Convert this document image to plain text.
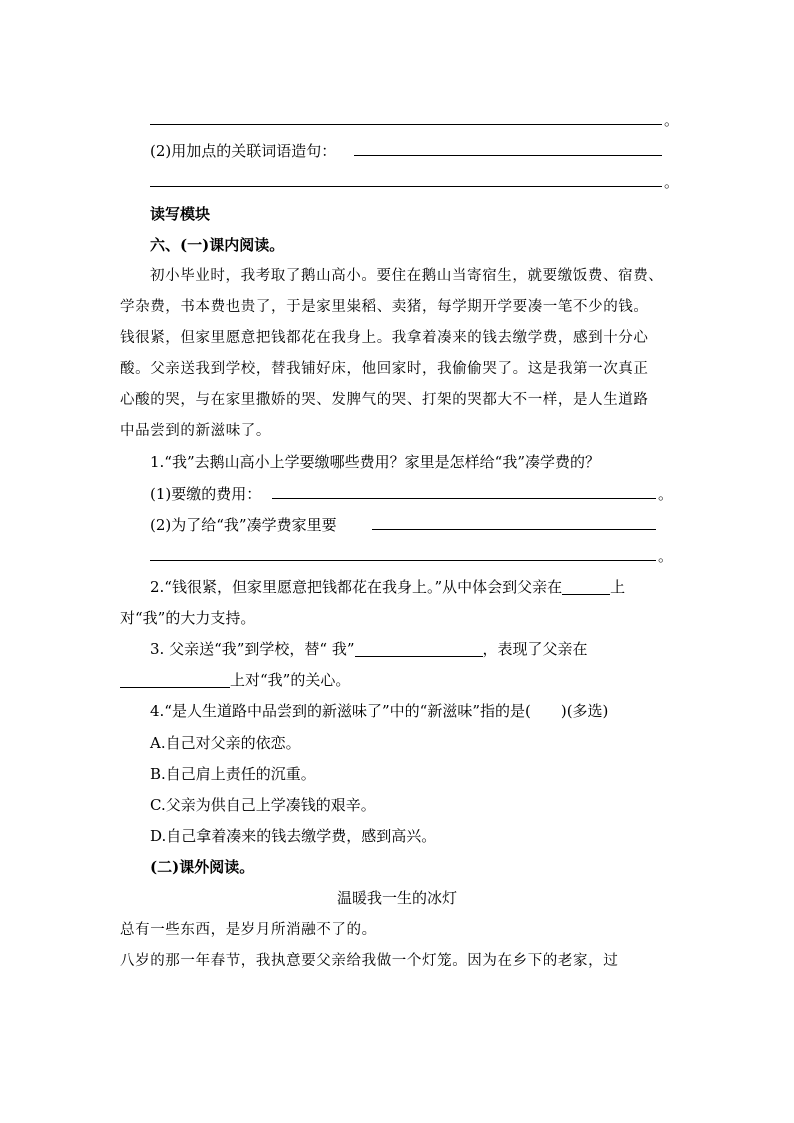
。
(2)用加点的关联词语造句：
。
读写模块
六、(一)课内阅读。
初小毕业时，我考取了鹅山高小。要住在鹅山当寄宿生，就要缴饭费、宿费、
学杂费，书本费也贵了，于是家里粜稻、卖猪，每学期开学要凑一笔不少的钱。
钱很紧，但家里愿意把钱都花在我身上。我拿着凑来的钱去缴学费，感到十分心
酸。父亲送我到学校，替我铺好床，他回家时，我偷偷哭了。这是我第一次真正
心酸的哭，与在家里撒娇的哭、发脾气的哭、打架的哭都大不一样，是人生道路
中品尝到的新滋味了。
1.“我”去鹅山高小上学要缴哪些费用？家里是怎样给“我”凑学费的？
(1)要缴的费用：	。
(2)为了给“我”凑学费家里要
。
2.“钱很紧，但家里愿意把钱都花在我身上。”从中体会到父亲在	上
对“我”的大力支持。
3. 父亲送“我”到学校，替“ 我”	，表现了父亲在
上对“我”的关心。
4.“是人生道路中品尝到的新滋味了”中的“新滋味”指的是(　　)(多选)
A.自己对父亲的依恋。
B.自己肩上责任的沉重。
C.父亲为供自己上学凑钱的艰辛。
D.自己拿着凑来的钱去缴学费，感到高兴。
(二)课外阅读。
温暖我一生的冰灯
总有一些东西，是岁月所消融不了的。
八岁的那一年春节，我执意要父亲给我做一个灯笼。因为在乡下的老家，过
